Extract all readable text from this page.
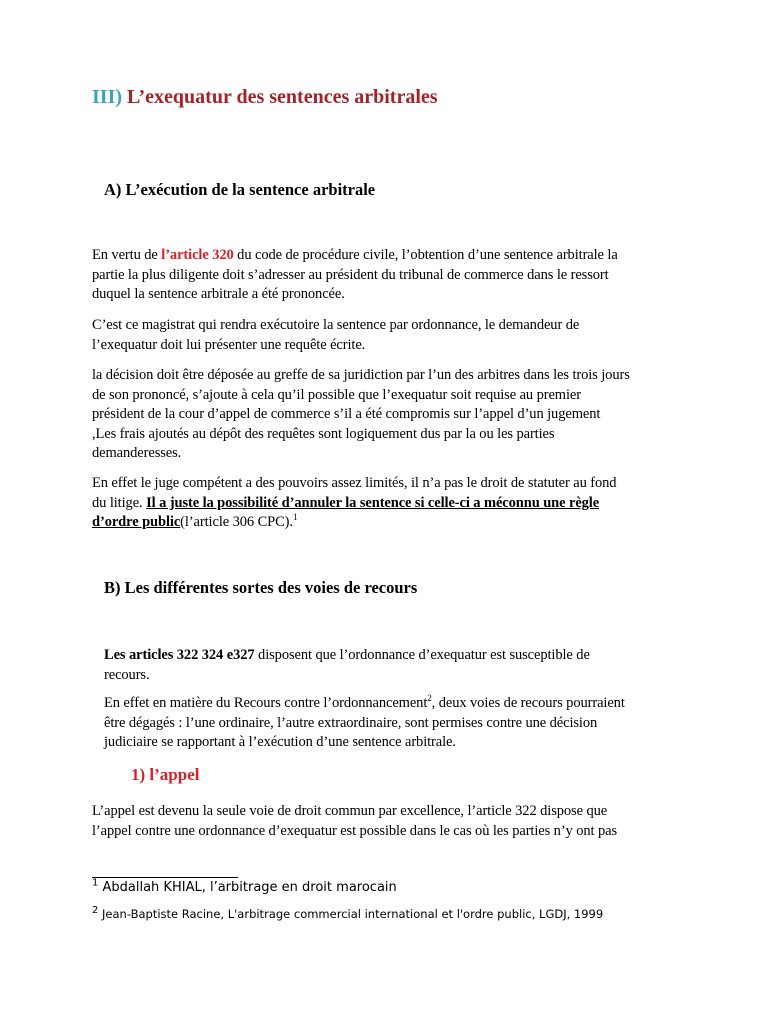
III) L’exequatur des sentences arbitrales
A) L’exécution de la sentence arbitrale
En vertu de l’article 320 du code de procédure civile, l’obtention d’une sentence arbitrale la
partie la plus diligente doit s’adresser au président du tribunal de commerce dans le ressort
duquel la sentence arbitrale a été prononcée.
C’est ce magistrat qui rendra exécutoire la sentence par ordonnance, le demandeur de
l’exequatur doit lui présenter une requête écrite.
la décision doit être déposée au greffe de sa juridiction par l’un des arbitres dans les trois jours
de son prononcé, s’ajoute à cela qu’il possible que l’exequatur soit requise au premier
président de la cour d’appel de commerce s’il a été compromis sur l’appel d’un jugement
,Les frais ajoutés au dépôt des requêtes sont logiquement dus par la ou les parties
demanderesses.
En effet le juge compétent a des pouvoirs assez limités, il n’a pas le droit de statuter au fond
du litige. Il a juste la possibilité d’annuler la sentence si celle-ci a méconnu une règle
d’ordre public(l’article 306 CPC).$^1$
B) Les différentes sortes des voies de recours
Les articles 322 324 e327 disposent que l’ordonnance d’exequatur est susceptible de
recours.
En effet en matière du Recours contre l’ordonnancement$^2$, deux voies de recours pourraient
être dégagés : l’une ordinaire, l’autre extraordinaire, sont permises contre une décision
judiciaire se rapportant à l’exécution d’une sentence arbitrale.
1) l’appel
L’appel est devenu la seule voie de droit commun par excellence, l’article 322 dispose que
l’appel contre une ordonnance d’exequatur est possible dans le cas où les parties n’y ont pas
$^1$ Abdallah KHIAL, l’arbitrage en droit marocain
2 Jean-Baptiste Racine, L'arbitrage commercial international et l'ordre public, LGDJ, 1999
